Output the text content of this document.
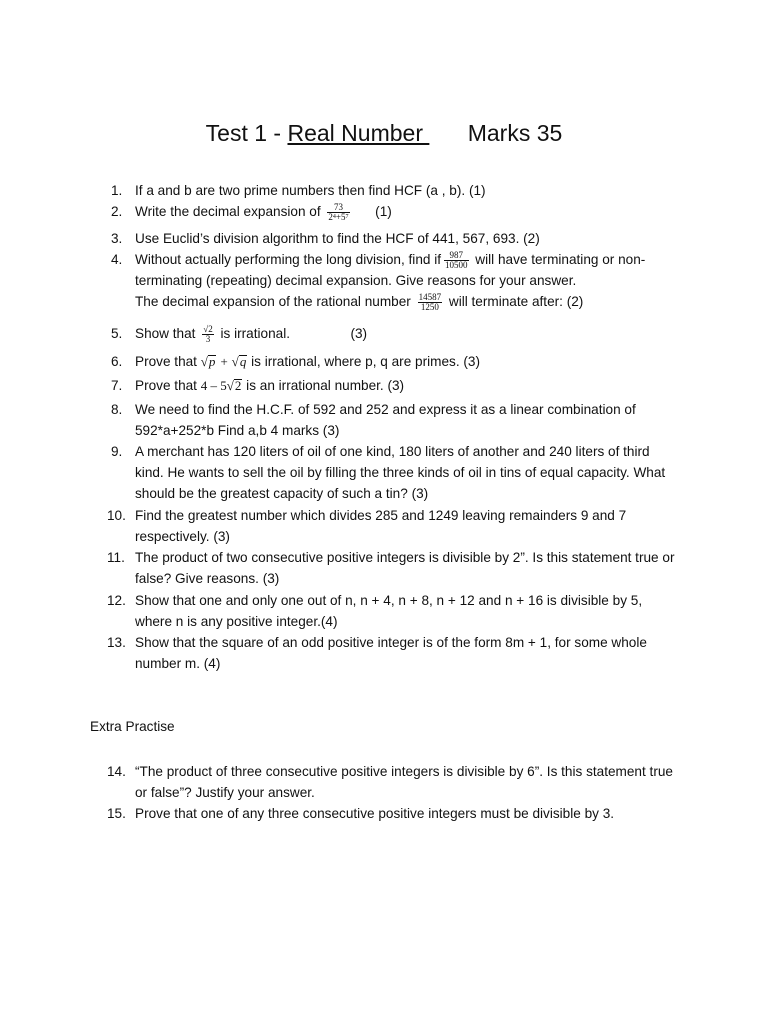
Test 1 - Real Number       Marks 35
1. If a and b are two prime numbers then find HCF (a , b). (1)
2. Write the decimal expansion of $\frac{73}{2^4+5^7} (1)$
3. Use Euclid’s division algorithm to find the HCF of 441, 567, 693. (2)
4. Without actually performing the long division, find if $\frac{987}{10500}$ will have terminating or non-terminating (repeating) decimal expansion. Give reasons for your answer.
The decimal expansion of the rational number $\frac{14587}{1250}$ will terminate after: (2)
5. Show that $\frac{√2}{3}$ is irrational.	(3)
6. Prove that √p + √q is irrational, where p, q are primes. (3)
7. Prove that 4 – 5√2 is an irrational number. (3)
8. We need to find the H.C.F. of 592 and 252 and express it as a linear combination of 592*a+252*b Find a,b 4 marks (3)
9. A merchant has 120 liters of oil of one kind, 180 liters of another and 240 liters of third kind. He wants to sell the oil by filling the three kinds of oil in tins of equal capacity. What should be the greatest capacity of such a tin? (3)
10. Find the greatest number which divides 285 and 1249 leaving remainders 9 and 7 respectively. (3)
11. The product of two consecutive positive integers is divisible by 2”. Is this statement true or false? Give reasons. (3)
12. Show that one and only one out of n, n + 4, n + 8, n + 12 and n + 16 is divisible by 5, where n is any positive integer.(4)
13. Show that the square of an odd positive integer is of the form 8m + 1, for some whole number m. (4)
Extra Practise
14. “The product of three consecutive positive integers is divisible by 6”. Is this statement true or false”? Justify your answer.
15. Prove that one of any three consecutive positive integers must be divisible by 3.
